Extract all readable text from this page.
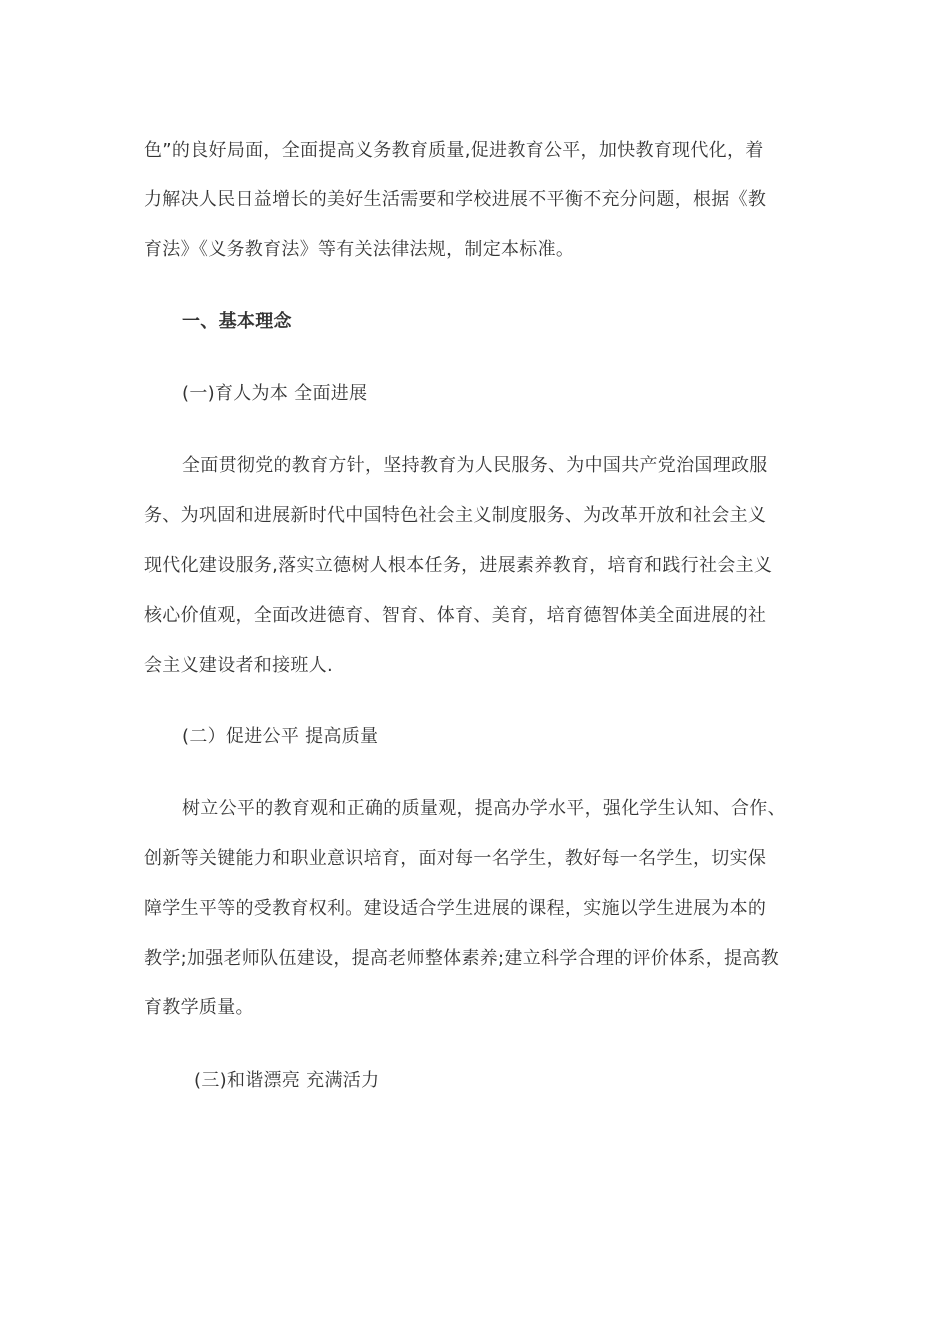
色”的良好局面，全面提高义务教育质量,促进教育公平，加快教育现代化，着
力解决人民日益增长的美好生活需要和学校进展不平衡不充分问题，根据《教
育法》《义务教育法》等有关法律法规，制定本标准。
一、基本理念
(一)育人为本 全面进展
全面贯彻党的教育方针，坚持教育为人民服务、为中国共产党治国理政服
务、为巩固和进展新时代中国特色社会主义制度服务、为改革开放和社会主义
现代化建设服务,落实立德树人根本任务，进展素养教育，培育和践行社会主义
核心价值观，全面改进德育、智育、体育、美育，培育德智体美全面进展的社
会主义建设者和接班人.
(二）促进公平 提高质量
树立公平的教育观和正确的质量观，提高办学水平，强化学生认知、合作、
创新等关键能力和职业意识培育，面对每一名学生，教好每一名学生，切实保
障学生平等的受教育权利。建设适合学生进展的课程，实施以学生进展为本的
教学;加强老师队伍建设，提高老师整体素养;建立科学合理的评价体系，提高教
育教学质量。
(三)和谐漂亮 充满活力
